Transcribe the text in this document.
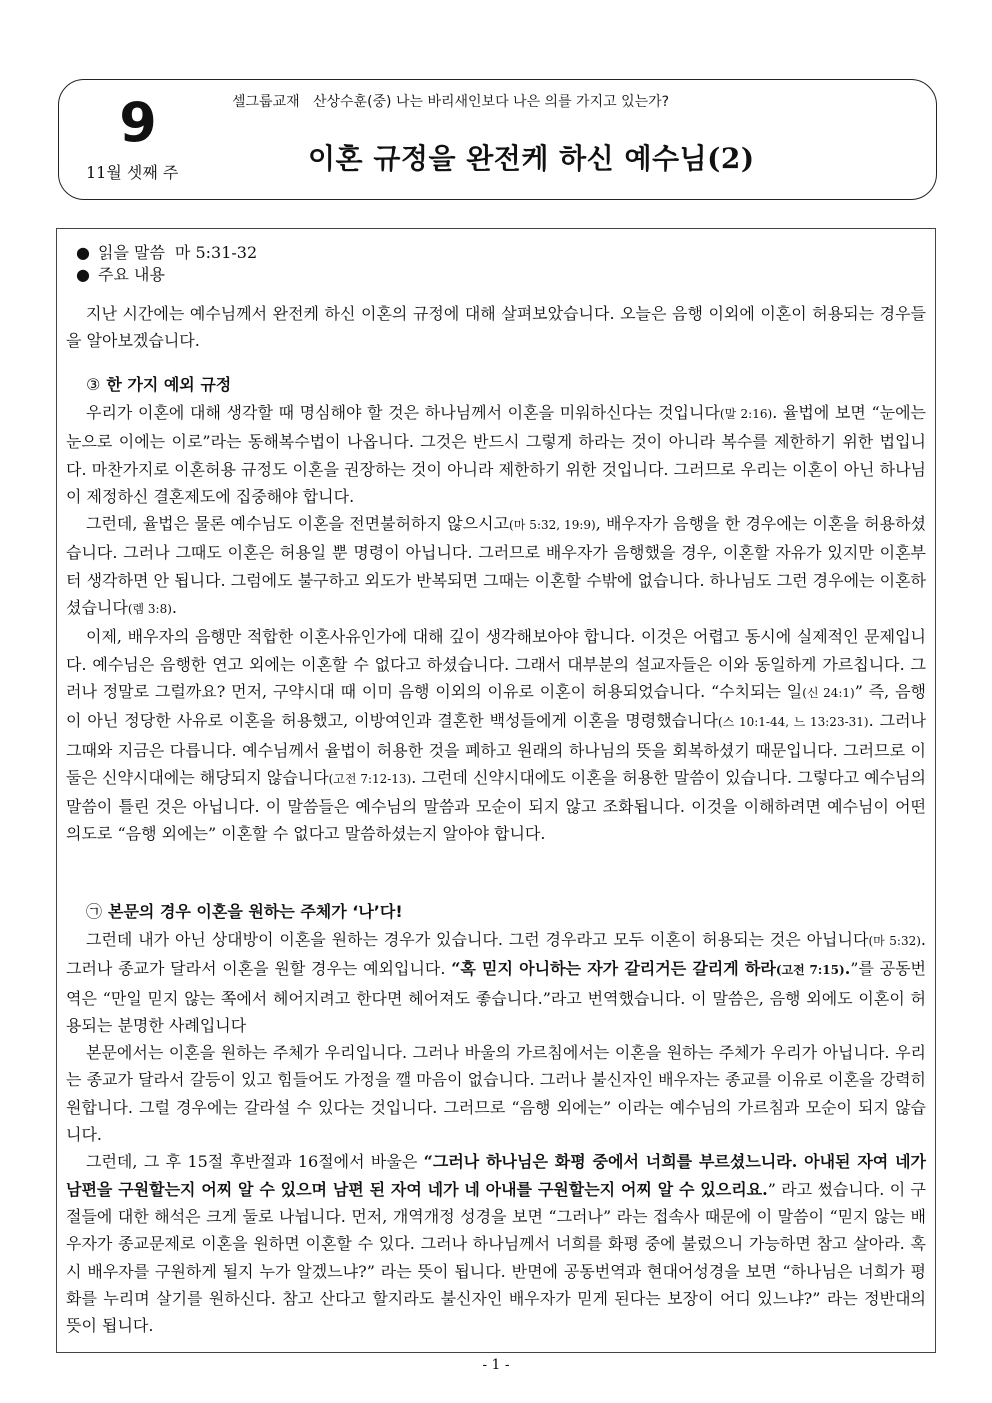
9
11월 셋째 주
셀그룹교재   산상수훈(중) 나는 바리새인보다 나은 의를 가지고 있는가?
이혼 규정을 완전케 하신 예수님(2)
● 읽을 말씀 마 5:31-32
● 주요 내용

지난 시간에는 예수님께서 완전케 하신 이혼의 규정에 대해 살펴보았습니다. 오늘은 음행 이외에 이혼이 허용되는 경우들을 알아보겠습니다.

③ 한 가지 예외 규정

우리가 이혼에 대해 생각할 때 명심해야 할 것은 하나님께서 이혼을 미워하신다는 것입니다(말 2:16). 율법에 보면 “눈에는 눈으로 이에는 이로”라는 동해복수법이 나옵니다. 그것은 반드시 그렇게 하라는 것이 아니라 복수를 제한하기 위한 법입니다. 마찬가지로 이혼허용 규정도 이혼을 권장하는 것이 아니라 제한하기 위한 것입니다. 그러므로 우리는 이혼이 아닌 하나님이 제정하신 결혼제도에 집중해야 합니다.

그런데, 율법은 물론 예수님도 이혼을 전면불허하지 않으시고(마 5:32, 19:9), 배우자가 음행을 한 경우에는 이혼을 허용하셨습니다. 그러나 그때도 이혼은 허용일 뿐 명령이 아닙니다. 그러므로 배우자가 음행했을 경우, 이혼할 자유가 있지만 이혼부터 생각하면 안 됩니다. 그럼에도 불구하고 외도가 반복되면 그때는 이혼할 수밖에 없습니다. 하나님도 그런 경우에는 이혼하셨습니다(렘 3:8).

이제, 배우자의 음행만 적합한 이혼사유인가에 대해 깊이 생각해보아야 합니다. 이것은 어렵고 동시에 실제적인 문제입니다. 예수님은 음행한 연고 외에는 이혼할 수 없다고 하셨습니다. 그래서 대부분의 설교자들은 이와 동일하게 가르칩니다. 그러나 정말로 그럴까요? 먼저, 구약시대 때 이미 음행 이외의 이유로 이혼이 허용되었습니다. “수치되는 일(신 24:1)” 즉, 음행이 아닌 정당한 사유로 이혼을 허용했고, 이방여인과 결혼한 백성들에게 이혼을 명령했습니다(스 10:1-44, 느 13:23-31). 그러나 그때와 지금은 다릅니다. 예수님께서 율법이 허용한 것을 폐하고 원래의 하나님의 뜻을 회복하셨기 때문입니다. 그러므로 이 둘은 신약시대에는 해당되지 않습니다(고전 7:12-13). 그런데 신약시대에도 이혼을 허용한 말씀이 있습니다. 그렇다고 예수님의 말씀이 틀린 것은 아닙니다. 이 말씀들은 예수님의 말씀과 모순이 되지 않고 조화됩니다. 이것을 이해하려면 예수님이 어떤 의도로 “음행 외에는” 이혼할 수 없다고 말씀하셨는지 알아야 합니다.

㉠ 본문의 경우 이혼을 원하는 주체가 ‘나’다!

그런데 내가 아닌 상대방이 이혼을 원하는 경우가 있습니다. 그런 경우라고 모두 이혼이 허용되는 것은 아닙니다(마 5:32). 그러나 종교가 달라서 이혼을 원할 경우는 예외입니다. “혹 믿지 아니하는 자가 갈리거든 갈리게 하라(고전 7:15).”를 공동번역은 “만일 믿지 않는 쪽에서 헤어지려고 한다면 헤어져도 좋습니다.”라고 번역했습니다. 이 말씀은, 음행 외에도 이혼이 허용되는 분명한 사례입니다

본문에서는 이혼을 원하는 주체가 우리입니다. 그러나 바울의 가르침에서는 이혼을 원하는 주체가 우리가 아닙니다. 우리는 종교가 달라서 갈등이 있고 힘들어도 가정을 깰 마음이 없습니다. 그러나 불신자인 배우자는 종교를 이유로 이혼을 강력히 원합니다. 그럴 경우에는 갈라설 수 있다는 것입니다. 그러므로 “음행 외에는” 이라는 예수님의 가르침과 모순이 되지 않습니다.

그런데, 그 후 15절 후반절과 16절에서 바울은 “그러나 하나님은 화평 중에서 너희를 부르셨느니라. 아내된 자여 네가 남편을 구원할는지 어찌 알 수 있으며 남편 된 자여 네가 네 아내를 구원할는지 어찌 알 수 있으리요.” 라고 썼습니다. 이 구절들에 대한 해석은 크게 둘로 나뉩니다. 먼저, 개역개정 성경을 보면 “그러나” 라는 접속사 때문에 이 말씀이 “믿지 않는 배우자가 종교문제로 이혼을 원하면 이혼할 수 있다. 그러나 하나님께서 너희를 화평 중에 불렀으니 가능하면 참고 살아라. 혹시 배우자를 구원하게 될지 누가 알겠느냐?” 라는 뜻이 됩니다. 반면에 공동번역과 현대어성경을 보면 “하나님은 너희가 평화를 누리며 살기를 원하신다. 참고 산다고 할지라도 불신자인 배우자가 믿게 된다는 보장이 어디 있느냐?” 라는 정반대의 뜻이 됩니다.

- 1 -
